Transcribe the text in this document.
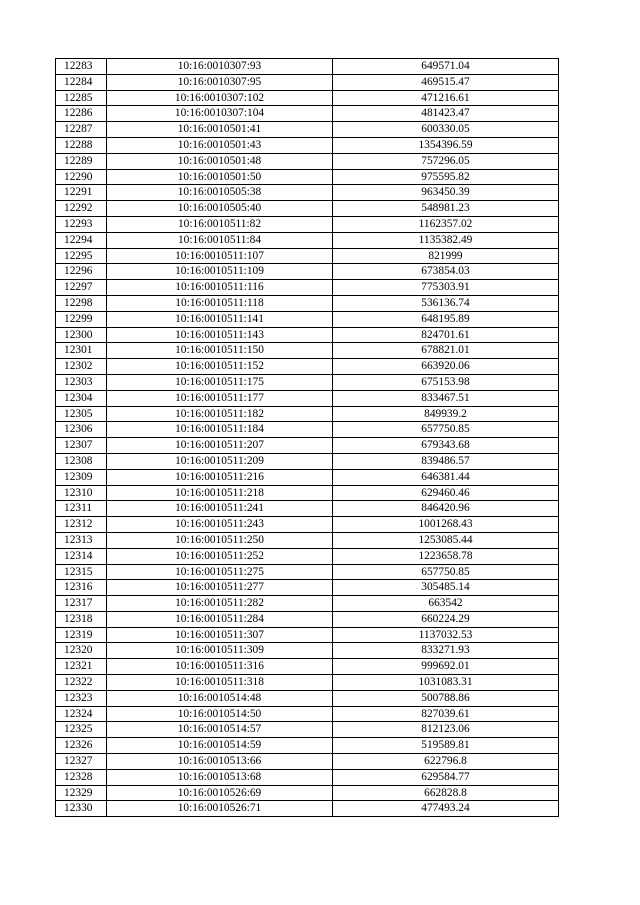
12283	10:16:0010307:93	649571.04
12284	10:16:0010307:95	469515.47
12285	10:16:0010307:102	471216.61
12286	10:16:0010307:104	481423.47
12287	10:16:0010501:41	600330.05
12288	10:16:0010501:43	1354396.59
12289	10:16:0010501:48	757296.05
12290	10:16:0010501:50	975595.82
12291	10:16:0010505:38	963450.39
12292	10:16:0010505:40	548981.23
12293	10:16:0010511:82	1162357.02
12294	10:16:0010511:84	1135382.49
12295	10:16:0010511:107	821999
12296	10:16:0010511:109	673854.03
12297	10:16:0010511:116	775303.91
12298	10:16:0010511:118	536136.74
12299	10:16:0010511:141	648195.89
12300	10:16:0010511:143	824701.61
12301	10:16:0010511:150	678821.01
12302	10:16:0010511:152	663920.06
12303	10:16:0010511:175	675153.98
12304	10:16:0010511:177	833467.51
12305	10:16:0010511:182	849939.2
12306	10:16:0010511:184	657750.85
12307	10:16:0010511:207	679343.68
12308	10:16:0010511:209	839486.57
12309	10:16:0010511:216	646381.44
12310	10:16:0010511:218	629460.46
12311	10:16:0010511:241	846420.96
12312	10:16:0010511:243	1001268.43
12313	10:16:0010511:250	1253085.44
12314	10:16:0010511:252	1223658.78
12315	10:16:0010511:275	657750.85
12316	10:16:0010511:277	305485.14
12317	10:16:0010511:282	663542
12318	10:16:0010511:284	660224.29
12319	10:16:0010511:307	1137032.53
12320	10:16:0010511:309	833271.93
12321	10:16:0010511:316	999692.01
12322	10:16:0010511:318	1031083.31
12323	10:16:0010514:48	500788.86
12324	10:16:0010514:50	827039.61
12325	10:16:0010514:57	812123.06
12326	10:16:0010514:59	519589.81
12327	10:16:0010513:66	622796.8
12328	10:16:0010513:68	629584.77
12329	10:16:0010526:69	662828.8
12330	10:16:0010526:71	477493.24
